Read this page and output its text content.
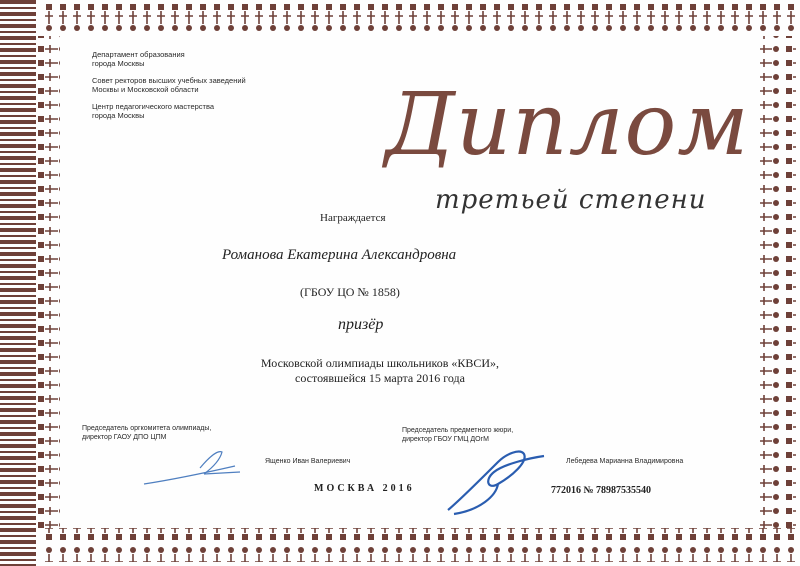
Департамент образования
города Москвы
Совет ректоров высших учебных заведений
Москвы и Московской области
Центр педагогического мастерства
города Москвы	Диплом
третьей степени
Награждается
Романова Екатерина Александровна
(ГБОУ ЦО № 1858)
призёр
Московской олимпиады школьников «КВСИ»,
состоявшейся 15 марта 2016 года
Председатель оргкомитета олимпиады,
директор ГАОУ ДПО ЦПМ
Ященко Иван Валериевич
Председатель предметного жюри,
директор ГБОУ ГМЦ ДОгМ
Лебедева Марианна Владимировна
МОСКВА 2016	772016 № 78987535540
